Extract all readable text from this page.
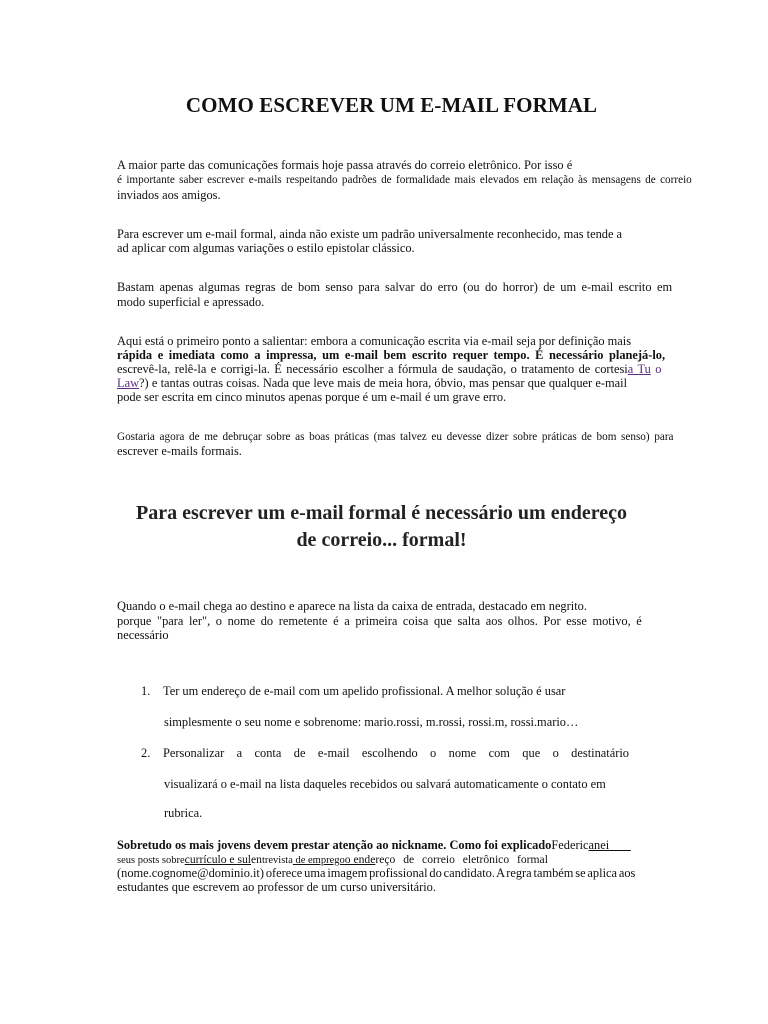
COMO ESCREVER UM E-MAIL FORMAL
A maior parte das comunicações formais hoje passa através do correio eletrônico. Por isso é
é importante saber escrever e-mails respeitando padrões de formalidade mais elevados em relação às mensagens de correio
inviados aos amigos.
Para escrever um e-mail formal, ainda não existe um padrão universalmente reconhecido, mas tende a
ad aplicar com algumas variações o estilo epistolar clássico.
Bastam apenas algumas regras de bom senso para salvar do erro (ou do horror) de um e-mail escrito em
modo superficial e apressado.
Aqui está o primeiro ponto a salientar: embora a comunicação escrita via e-mail seja por definição mais
rápida e imediata como a impressa, um e-mail bem escrito requer tempo. É necessário planejá-lo,
escrevê-la, relê-la e corrigi-la. É necessário escolher a fórmula de saudação, o tratamento de cortesia Tu o
Law?) e tantas outras coisas. Nada que leve mais de meia hora, óbvio, mas pensar que qualquer e-mail
pode ser escrita em cinco minutos apenas porque é um e-mail é um grave erro.
Gostaria agora de me debruçar sobre as boas práticas (mas talvez eu devesse dizer sobre práticas de bom senso) para
escrever e-mails formais.
Para escrever um e-mail formal é necessário um endereço
de correio... formal!
Quando o e-mail chega ao destino e aparece na lista da caixa de entrada, destacado em negrito.
porque "para ler", o nome do remetente é a primeira coisa que salta aos olhos. Por esse motivo, é
necessário
1. Ter um endereço de e-mail com um apelido profissional. A melhor solução é usar
simplesmente o seu nome e sobrenome: mario.rossi, m.rossi, rossi.m, rossi.mario…
2. Personalizar a conta de e-mail escolhendo o nome com que o destinatário
visualizará o e-mail na lista daqueles recebidos ou salvará automaticamente o contato em
rubrica.
Sobretudo os mais jovens devem prestar atenção ao nickname. Como foi explicadoFedericanei
seus posts sobrecurrículo e sulentrevista de empregoo endereço de correio eletrônico formal
(nome.cognome@dominio.it) oferece uma imagem profissional do candidato. A regra também se aplica aos
estudantes que escrevem ao professor de um curso universitário.
